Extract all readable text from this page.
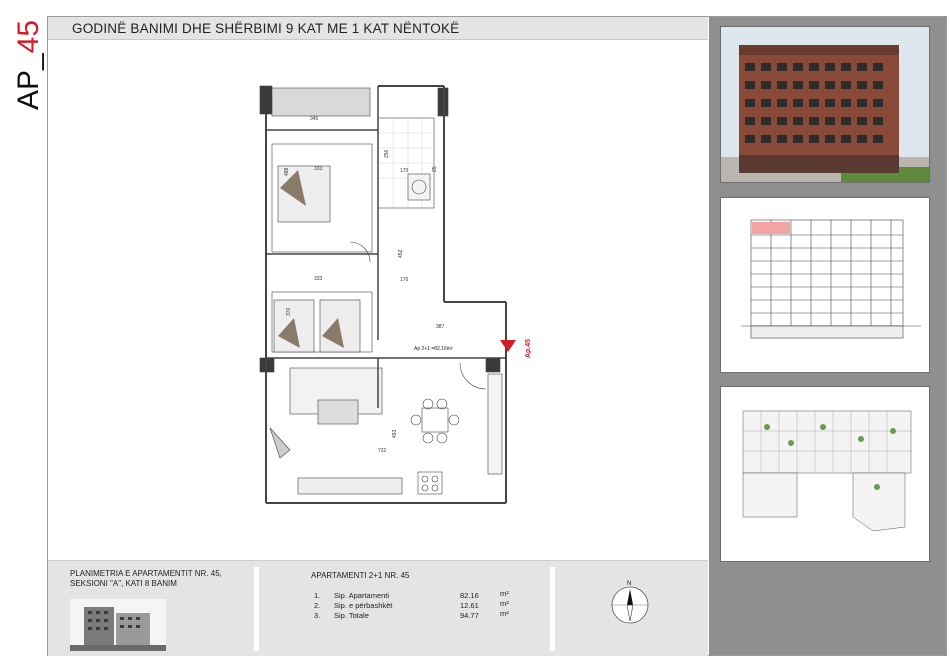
AP_45 GODINË BANIMI DHE SHËRBIMI 9 KAT ME 1 KAT NËNTOKË
345
333
488
256
170
452
333
370
170
387
732
493
25
Ap 2+1 =82.16m²	Ap.45
PLANIMETRIA E APARTAMENTIT NR. 45,
SEKSIONI "A", KATI 8 BANIM
APARTAMENTI 2+1 NR. 45
1. Sip. Apartamenti	82.16	m²
2. Sip. e përbashkët	12.61	m²
3. Sip. Totale	94.77	m²
N
